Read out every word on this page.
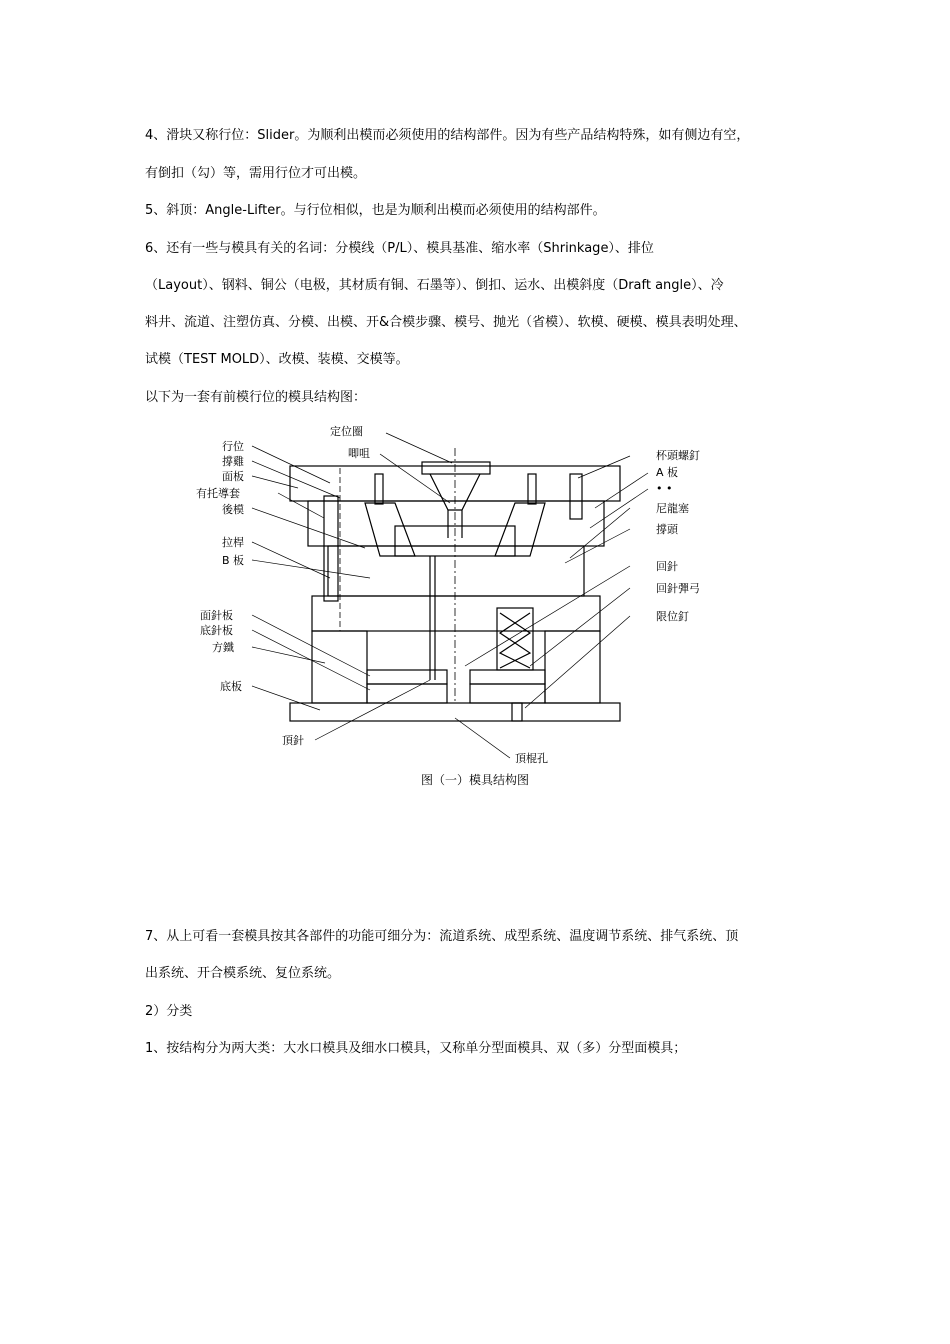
4、滑块又称行位：Slider。为顺利出模而必须使用的结构部件。因为有些产品结构特殊，如有侧边有空，
有倒扣（勾）等，需用行位才可出模。
5、斜顶：Angle-Lifter。与行位相似，也是为顺利出模而必须使用的结构部件。
6、还有一些与模具有关的名词：分模线（P/L）、模具基准、缩水率（Shrinkage）、排位
（Layout）、钢料、铜公（电极，其材质有铜、石墨等）、倒扣、运水、出模斜度（Draft angle）、冷
料井、流道、注塑仿真、分模、出模、开&合模步骤、模号、抛光（省模）、软模、硬模、模具表明处理、
试模（TEST MOLD）、改模、装模、交模等。
以下为一套有前模行位的模具结构图：
行位
撐雞
面板
有托導套
後模
拉桿
B 板
面針板
底針板
方鐵
底板
定位圈
唧咀	杯頭螺釘
A 板
• •
尼龍塞
撐頭
回針
回針彈弓
限位釘
頂針
頂棍孔
图（一）模具结构图
7、从上可看一套模具按其各部件的功能可细分为：流道系统、成型系统、温度调节系统、排气系统、顶
出系统、开合模系统、复位系统。
2）分类
1、按结构分为两大类：大水口模具及细水口模具，又称单分型面模具、双（多）分型面模具；
